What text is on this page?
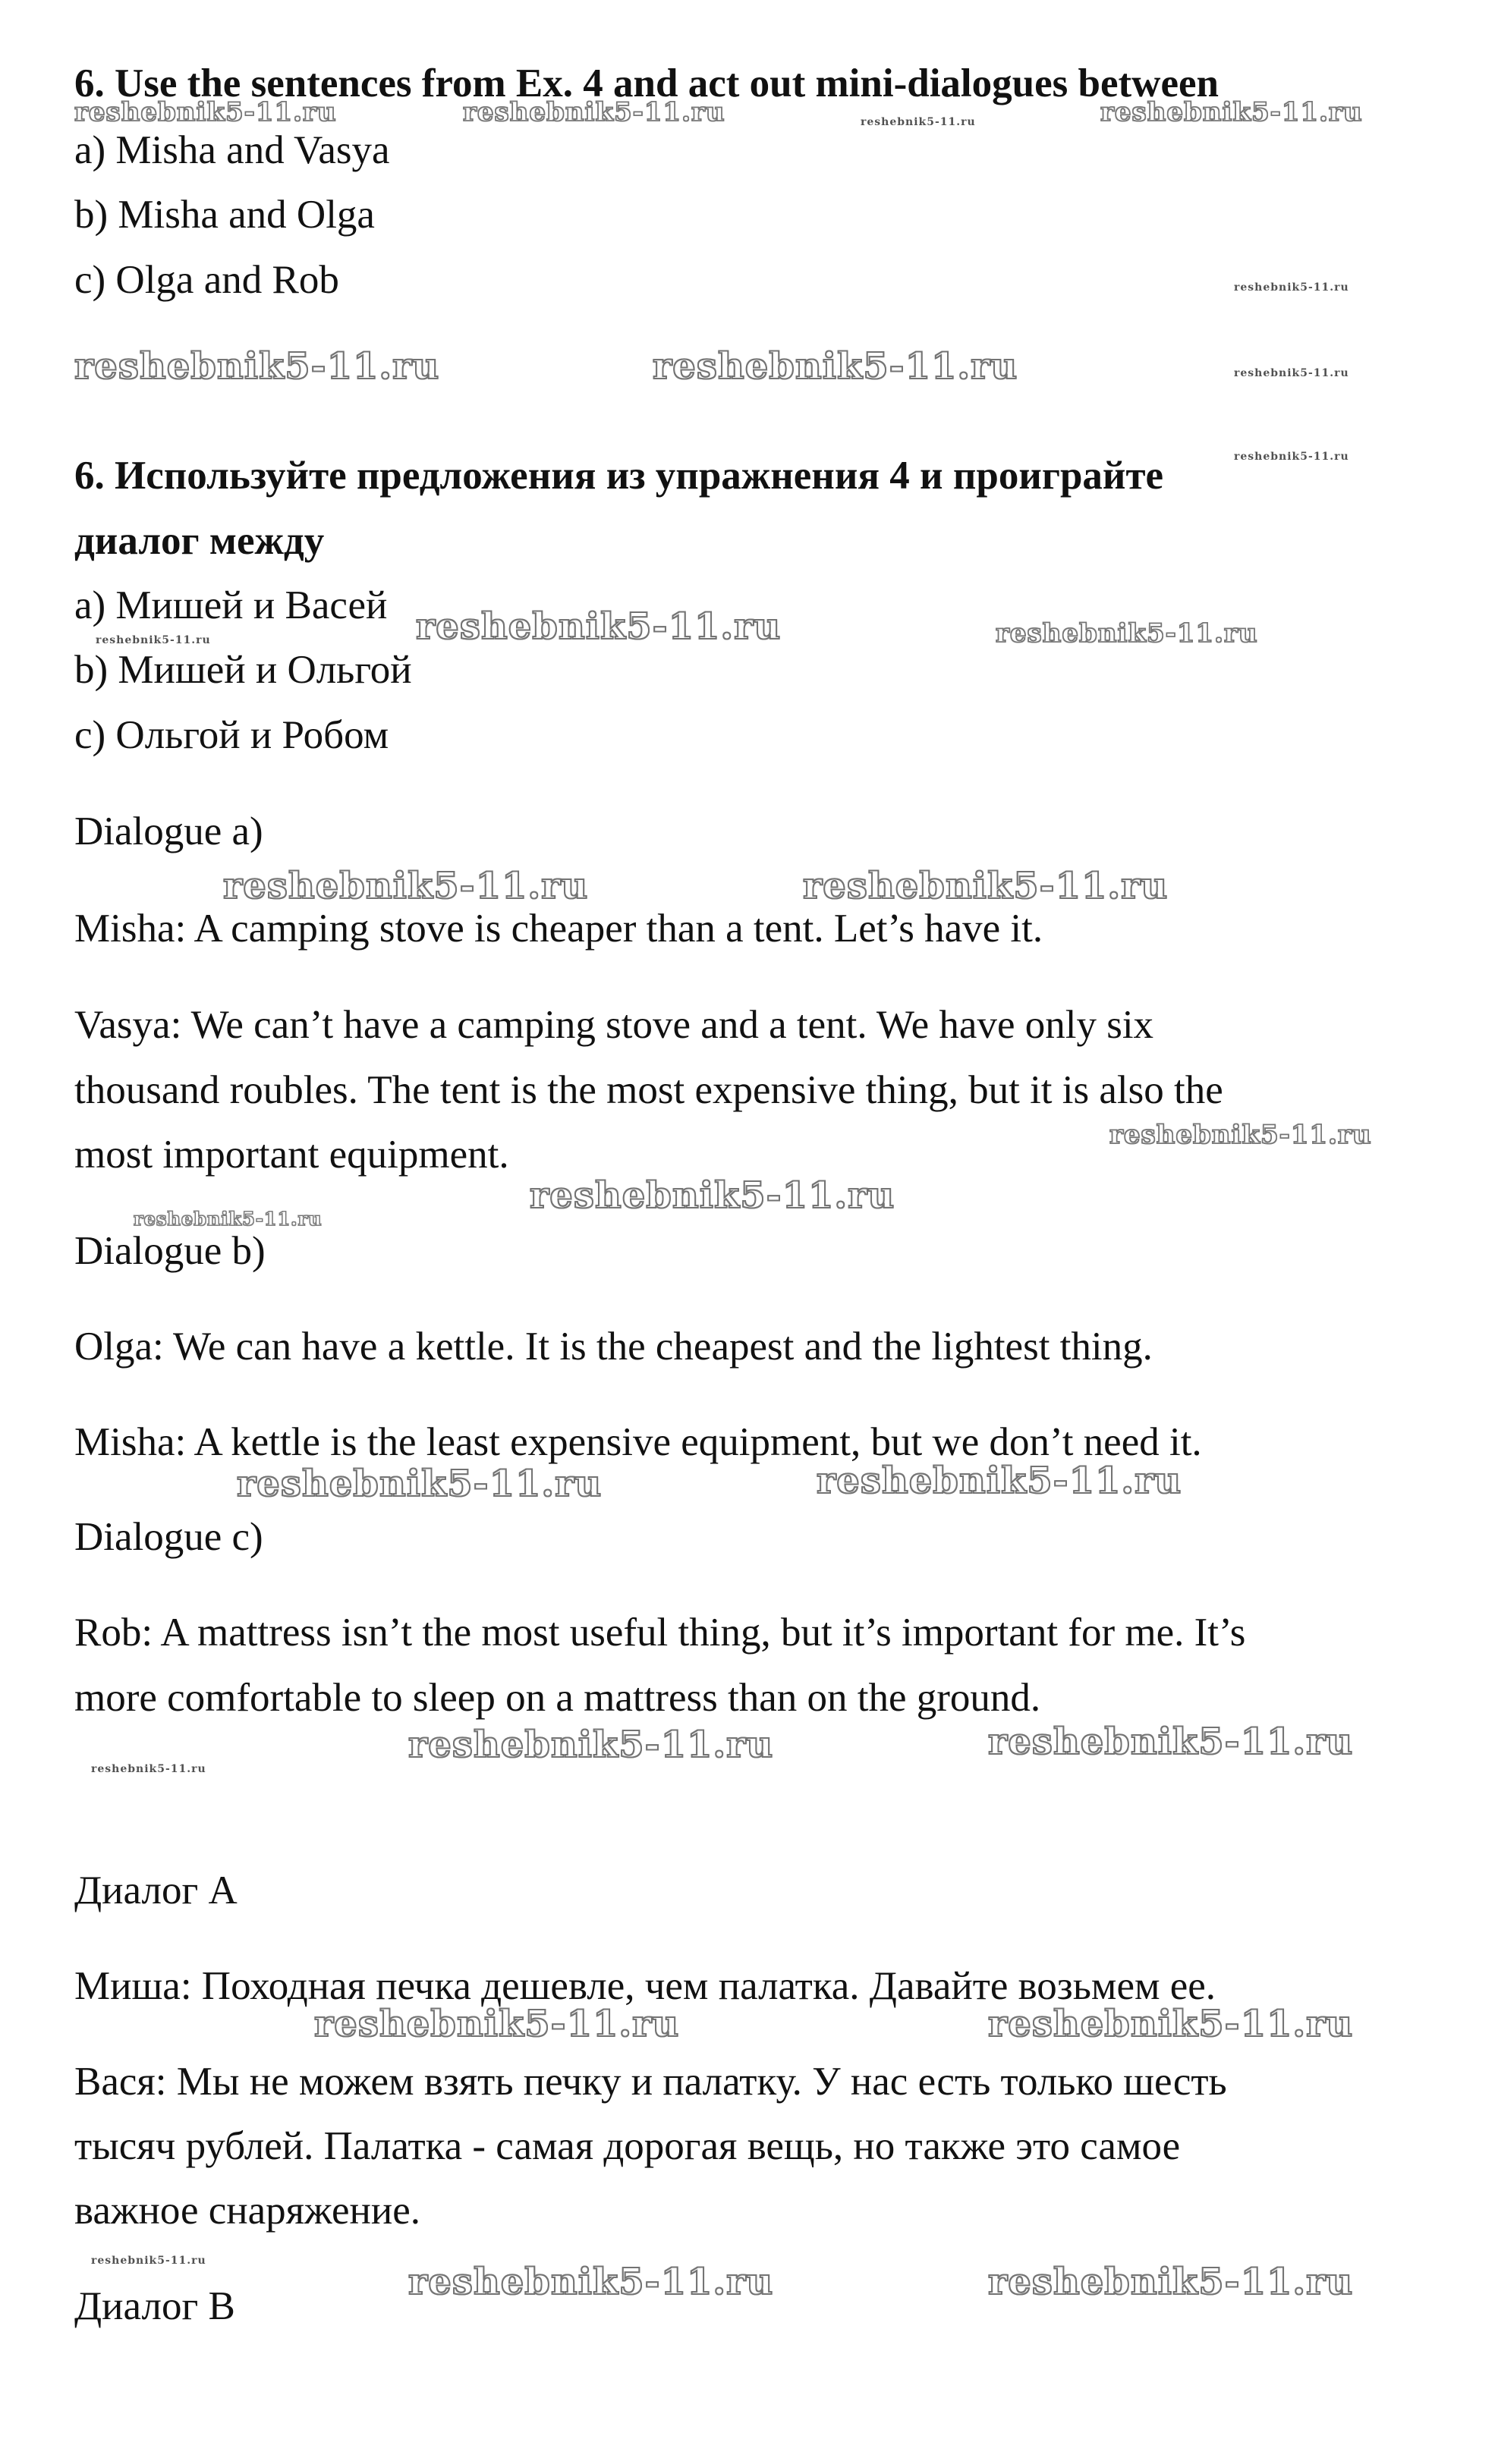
6. Use the sentences from Ex. 4 and act out mini-dialogues between
a) Misha and Vasya
b) Misha and Olga
c) Olga and Rob
6. Используйте предложения из упражнения 4 и проиграйте
диалог между
a) Мишей и Васей
b) Мишей и Ольгой
c) Ольгой и Робом
Dialogue a)
Misha: A camping stove is cheaper than a tent. Let’s have it.
Vasya: We can’t have a camping stove and a tent. We have only six
thousand roubles. The tent is the most expensive thing, but it is also the
most important equipment.
Dialogue b)
Olga: We can have a kettle. It is the cheapest and the lightest thing.
Misha: A kettle is the least expensive equipment, but we don’t need it.
Dialogue c)
Rob: A mattress isn’t the most useful thing, but it’s important for me. It’s
more comfortable to sleep on a mattress than on the ground.
Диалог А
Миша: Походная печка дешевле, чем палатка. Давайте возьмем ее.
Вася: Мы не можем взять печку и палатку. У нас есть только шесть
тысяч рублей. Палатка - самая дорогая вещь, но также это самое
важное снаряжение.
Диалог В
reshebnik5-11.ru	reshebnik5-11.ru	reshebnik5-11.ru	reshebnik5-11.ru
reshebnik5-11.ru
reshebnik5-11.ru	reshebnik5-11.ru	reshebnik5-11.ru
reshebnik5-11.ru
reshebnik5-11.ru	reshebnik5-11.ru
reshebnik5-11.ru
reshebnik5-11.ru	reshebnik5-11.ru
reshebnik5-11.ru
reshebnik5-11.ru
reshebnik5-11.ru
reshebnik5-11.ru	reshebnik5-11.ru
reshebnik5-11.ru	reshebnik5-11.ru
reshebnik5-11.ru
reshebnik5-11.ru	reshebnik5-11.ru
reshebnik5-11.ru	reshebnik5-11.ru	reshebnik5-11.ru
